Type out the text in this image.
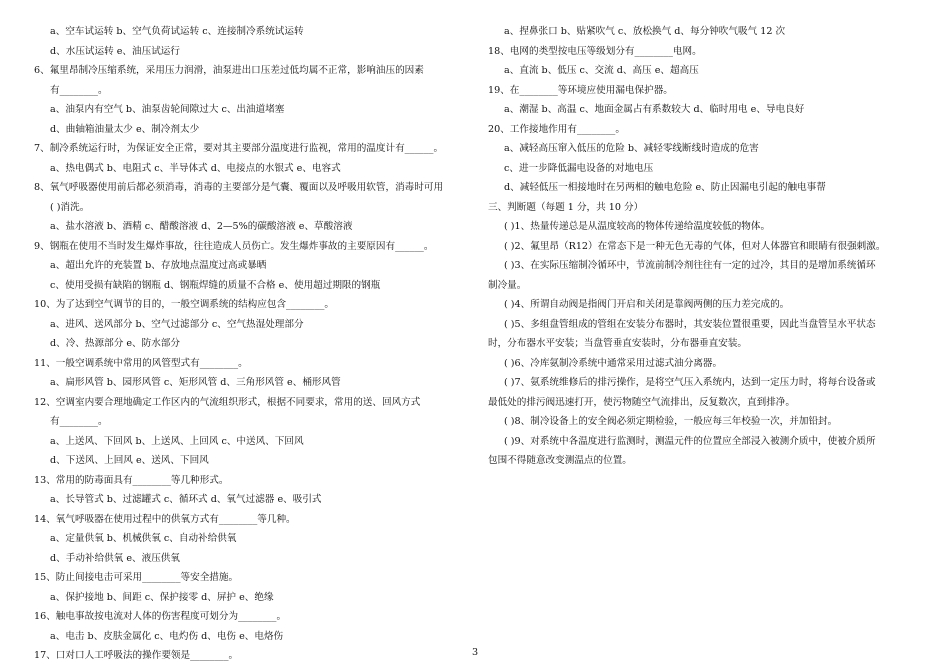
a、空车试运转 b、空气负荷试运转 c、连接制冷系统试运转
d、水压试运转 e、油压试运行
6、氟里昂制冷压缩系统，采用压力润滑，油泵进出口压差过低均属不正常，影响油压的因素
有________。
a、油泵内有空气 b、油泵齿轮间隙过大 c、出油道堵塞
d、曲轴箱油量太少 e、制冷剂太少
7、制冷系统运行时，为保证安全正常，要对其主要部分温度进行监视，常用的温度计有______。
a、热电偶式 b、电阻式 c、半导体式 d、电接点的水银式 e、电容式
8、氧气呼吸器使用前后都必须消毒，消毒的主要部分是气囊、覆面以及呼吸用软管，消毒时可用
( )消洗。
a、盐水溶液 b、酒精 c、醋酸溶液 d、2—5%的碳酸溶液 e、草酸溶液
9、钢瓶在使用不当时发生爆炸事故，往往造成人员伤亡。发生爆炸事故的主要原因有______。
a、超出允许的充装置 b、存放地点温度过高或暴晒
c、使用受损有缺陷的钢瓶 d、钢瓶焊缝的质量不合格 e、使用超过期限的钢瓶
10、为了达到空气调节的目的，一般空调系统的结构应包含________。
a、进风、送风部分 b、空气过滤部分 c、空气热湿处理部分
d、冷、热源部分 e、防水部分
11、一般空调系统中常用的风管型式有________。
a、扁形风管 b、园形风管 c、矩形风管 d、三角形风管 e、桶形风管
12、空调室内要合理地确定工作区内的气流组织形式，根据不同要求，常用的送、回风方式
有________。
a、上送风、下回风 b、上送风、上回风 c、中送风、下回风
d、下送风、上回风 e、送风、下回风
13、常用的防毒面具有________等几种形式。
a、长导管式 b、过滤罐式 c、循环式 d、氧气过滤器 e、吸引式
14、氧气呼吸器在使用过程中的供氧方式有________等几种。
a、定量供氧 b、机械供氧 c、自动补给供氧
d、手动补给供氧 e、液压供氧
15、防止间接电击可采用________等安全措施。
a、保护接地 b、间距 c、保护接零 d、屏护 e、绝缘
16、触电事故按电流对人体的伤害程度可划分为________。
a、电击 b、皮肤金属化 c、电灼伤 d、电伤 e、电烙伤
17、口对口人工呼吸法的操作要领是________。
a、捏鼻张口 b、贴紧吹气 c、放松换气 d、每分钟吹气吸气 12 次
18、电网的类型按电压等级划分有________电网。
a、直流 b、低压 c、交流 d、高压 e、超高压
19、在________等环境应使用漏电保护器。
a、潮湿 b、高温 c、地面金属占有系数较大 d、临时用电 e、导电良好
20、工作接地作用有________。
a、减轻高压窜入低压的危险 b、减轻零线断线时造成的危害
c、进一步降低漏电设备的对地电压
d、减轻低压一相接地时在另两相的触电危险 e、防止因漏电引起的触电事帮
三、判断题（每题 1 分，共 10 分）
( )1、热量传递总是从温度较高的物体传递给温度较低的物体。
( )2、氟里昂（R12）在常态下是一种无色无毒的气体，但对人体器官和眼睛有很强刺激。
( )3、在实际压缩制冷循环中，节流前制冷剂往往有一定的过冷，其目的是增加系统循环
制冷量。
( )4、所谓自动阀是指阀门开启和关闭是靠阀两侧的压力差完成的。
( )5、多组盘管组成的管组在安装分布器时，其安装位置很重要，因此当盘管呈水平状态
时，分布器水平安装；当盘管垂直安装时，分布器垂直安装。
( )6、冷库氨制冷系统中通常采用过滤式油分离器。
( )7、氨系统维修后的排污操作，是将空气压入系统内，达到一定压力时，将每台设备或
最低处的排污阀迅速打开，使污物随空气流排出，反复数次，直到排净。
( )8、制冷设备上的安全阀必须定期检验，一般应每三年校验一次，并加铅封。
( )9、对系统中各温度进行监测时，测温元件的位置应全部浸入被测介质中，使被介质所
包围不得随意改变测温点的位置。
3
